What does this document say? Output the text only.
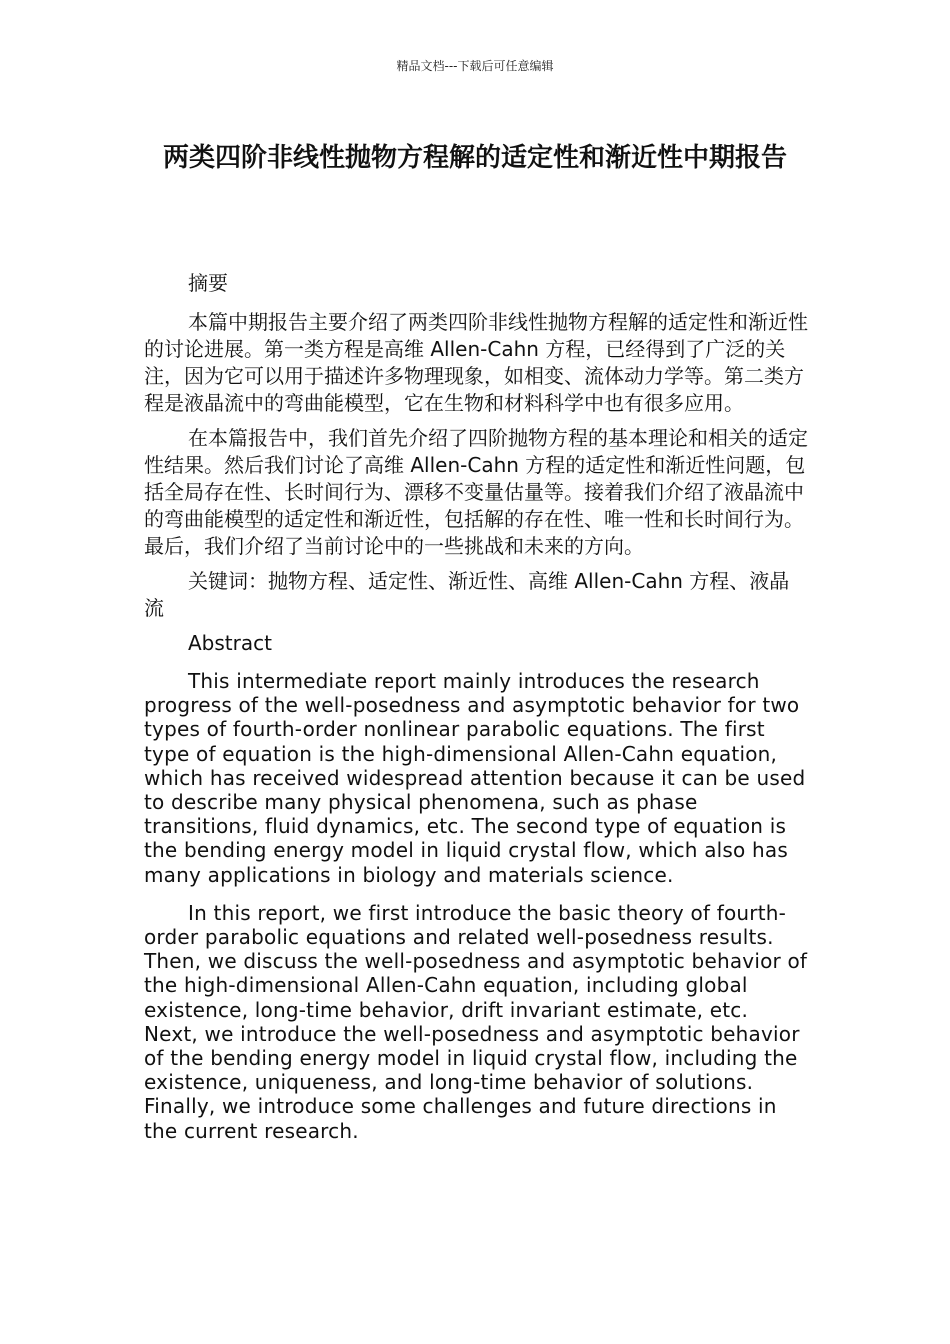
精品文档---下载后可任意编辑
两类四阶非线性抛物方程解的适定性和渐近性中期报告

摘要

本篇中期报告主要介绍了两类四阶非线性抛物方程解的适定性和渐近性的讨论进展。第一类方程是高维 Allen-Cahn 方程，已经得到了广泛的关注，因为它可以用于描述许多物理现象，如相变、流体动力学等。第二类方程是液晶流中的弯曲能模型，它在生物和材料科学中也有很多应用。

在本篇报告中，我们首先介绍了四阶抛物方程的基本理论和相关的适定性结果。然后我们讨论了高维 Allen-Cahn 方程的适定性和渐近性问题，包括全局存在性、长时间行为、漂移不变量估量等。接着我们介绍了液晶流中的弯曲能模型的适定性和渐近性，包括解的存在性、唯一性和长时间行为。最后，我们介绍了当前讨论中的一些挑战和未来的方向。

关键词：抛物方程、适定性、渐近性、高维 Allen-Cahn 方程、液晶流

Abstract

This intermediate report mainly introduces the research progress of the well-posedness and asymptotic behavior for two types of fourth-order nonlinear parabolic equations. The first type of equation is the high-dimensional Allen-Cahn equation, which has received widespread attention because it can be used to describe many physical phenomena, such as phase transitions, fluid dynamics, etc. The second type of equation is the bending energy model in liquid crystal flow, which also has many applications in biology and materials science.

In this report, we first introduce the basic theory of fourth-order parabolic equations and related well-posedness results. Then, we discuss the well-posedness and asymptotic behavior of the high-dimensional Allen-Cahn equation, including global existence, long-time behavior, drift invariant estimate, etc. Next, we introduce the well-posedness and asymptotic behavior of the bending energy model in liquid crystal flow, including the existence, uniqueness, and long-time behavior of solutions. Finally, we introduce some challenges and future directions in the current research.
